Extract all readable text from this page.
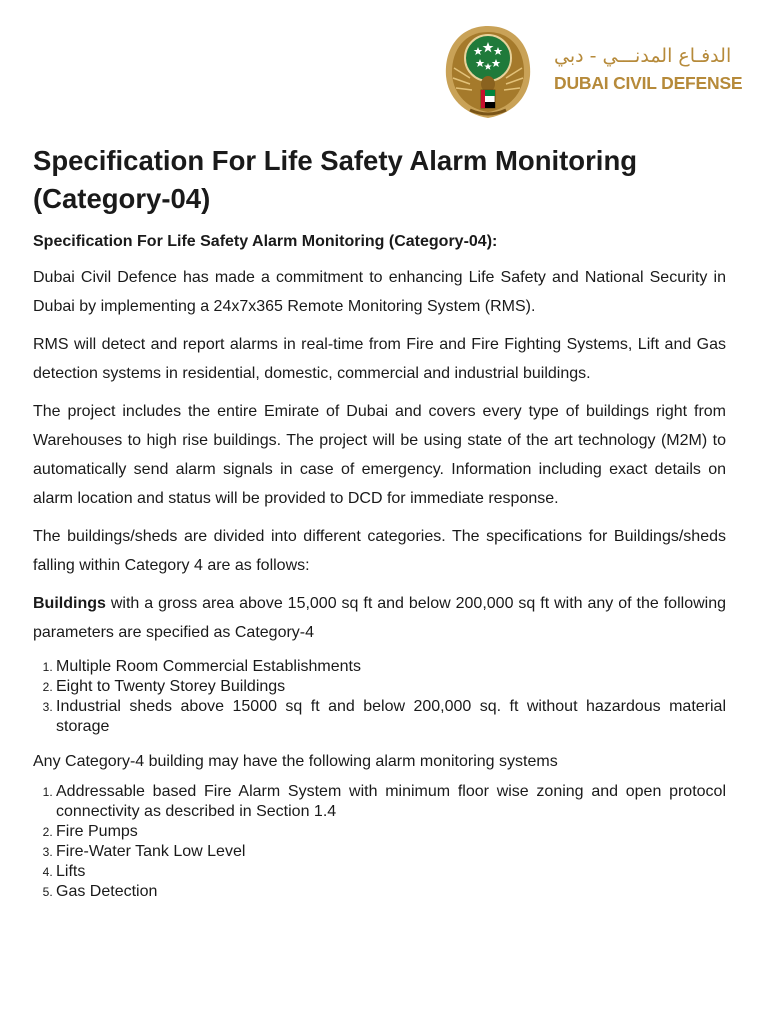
الدفـاع المدنـــي - دبي
DUBAI CIVIL DEFENSE
Specification For Life Safety Alarm Monitoring (Category-04)
Specification For Life Safety Alarm Monitoring (Category-04):

Dubai Civil Defence has made a commitment to enhancing Life Safety and National Security in Dubai by implementing a 24x7x365 Remote Monitoring System (RMS).

RMS will detect and report alarms in real-time from Fire and Fire Fighting Systems, Lift and Gas detection systems in residential, domestic, commercial and industrial buildings.

The project includes the entire Emirate of Dubai and covers every type of buildings right from Warehouses to high rise buildings. The project will be using state of the art technology (M2M) to automatically send alarm signals in case of emergency. Information including exact details on alarm location and status will be provided to DCD for immediate response.

The buildings/sheds are divided into different categories. The specifications for Buildings/sheds falling within Category 4 are as follows:

Buildings with a gross area above 15,000 sq ft and below 200,000 sq ft with any of the following parameters are specified as Category-4

1. Multiple Room Commercial Establishments
2. Eight to Twenty Storey Buildings
3. Industrial sheds above 15000 sq ft and below 200,000 sq. ft without hazardous material storage

Any Category-4 building may have the following alarm monitoring systems

1. Addressable based Fire Alarm System with minimum floor wise zoning and open protocol connectivity as described in Section 1.4
2. Fire Pumps
3. Fire-Water Tank Low Level
4. Lifts
5. Gas Detection
